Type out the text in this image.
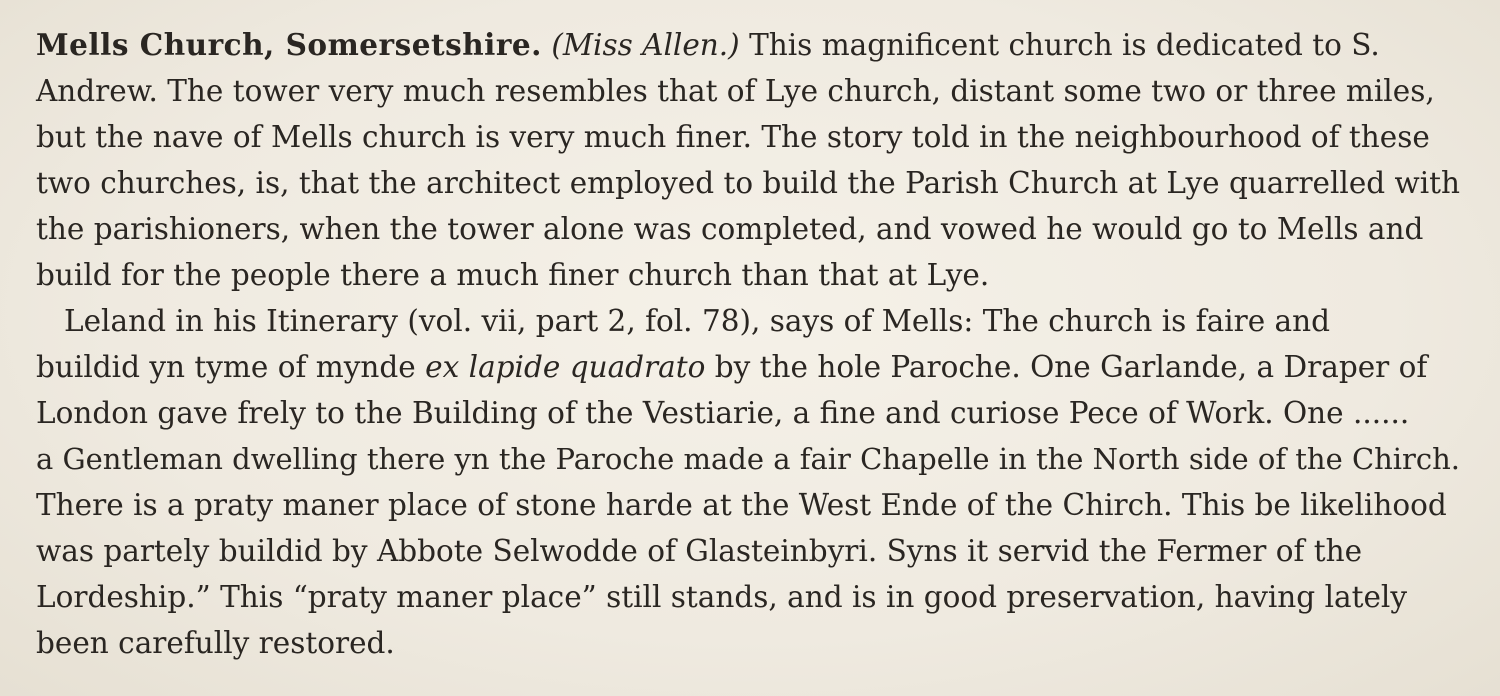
Mells Church, Somersetshire. (Miss Allen.) This magnificent church is dedicated to S.
Andrew. The tower very much resembles that of Lye church, distant some two or three miles,
but the nave of Mells church is very much finer. The story told in the neighbourhood of these
two churches, is, that the architect employed to build the Parish Church at Lye quarrelled with
the parishioners, when the tower alone was completed, and vowed he would go to Mells and
build for the people there a much finer church than that at Lye.
Leland in his Itinerary (vol. vii, part 2, fol. 78), says of Mells: The church is faire and
buildid yn tyme of mynde ex lapide quadrato by the hole Paroche. One Garlande, a Draper of
London gave frely to the Building of the Vestiarie, a fine and curiose Pece of Work. One ......
a Gentleman dwelling there yn the Paroche made a fair Chapelle in the North side of the Chirch.
There is a praty maner place of stone harde at the West Ende of the Chirch. This be likelihood
was partely buildid by Abbote Selwodde of Glasteinbyri. Syns it servid the Fermer of the
Lordeship.” This “praty maner place” still stands, and is in good preservation, having lately
been carefully restored.
